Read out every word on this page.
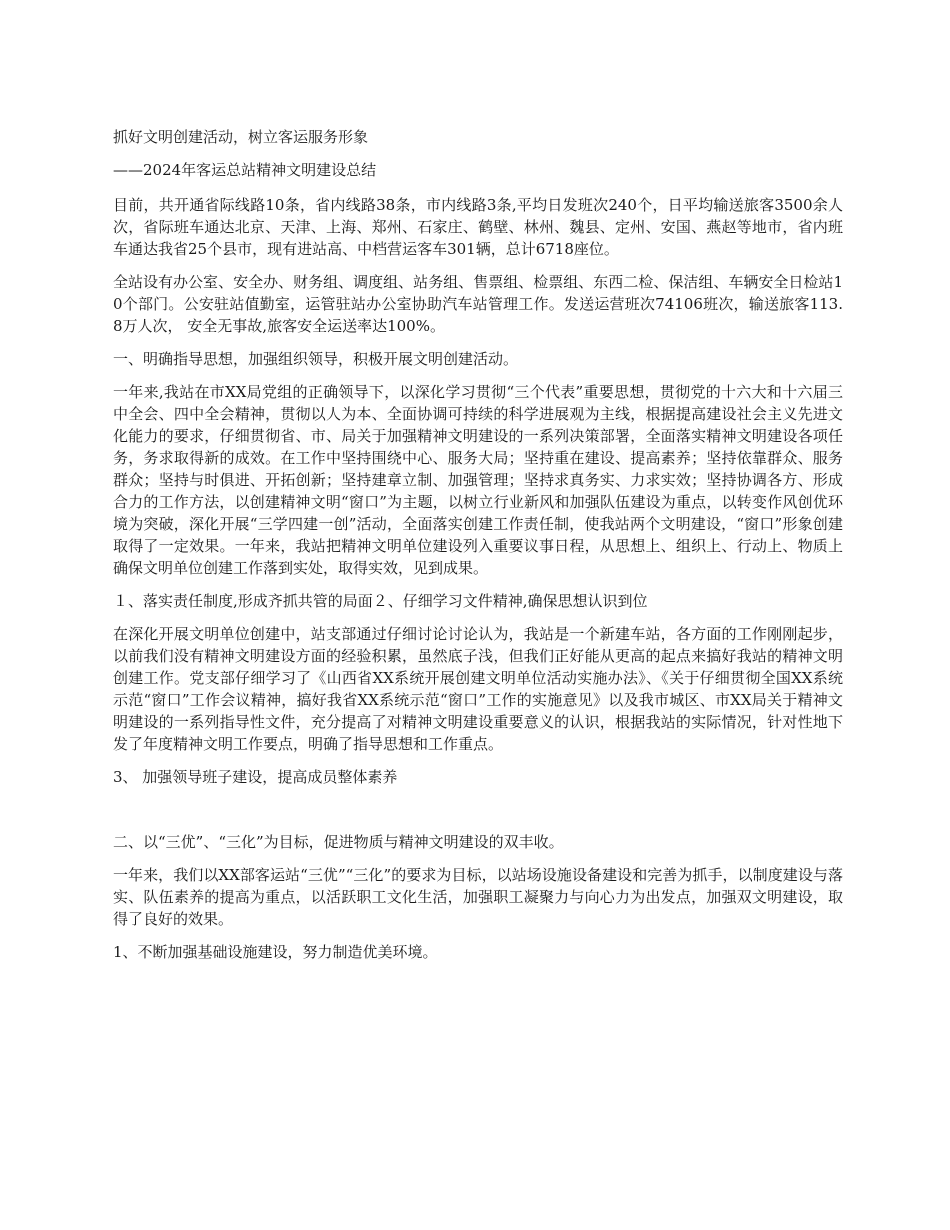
抓好文明创建活动，树立客运服务形象

——2024年客运总站精神文明建设总结

目前，共开通省际线路10条，省内线路38条，市内线路3条,平均日发班次240个，日平均输送旅客3500余人次，省际班车通达北京、天津、上海、郑州、石家庄、鹤壁、林州、魏县、定州、安国、燕赵等地市，省内班车通达我省25个县市，现有进站高、中档营运客车301辆，总计6718座位。

全站设有办公室、安全办、财务组、调度组、站务组、售票组、检票组、东西二检、保洁组、车辆安全日检站10个部门。公安驻站值勤室，运管驻站办公室协助汽车站管理工作。发送运营班次74106班次，输送旅客113.8万人次， 安全无事故,旅客安全运送率达100%。

一、明确指导思想，加强组织领导，积极开展文明创建活动。

一年来,我站在市XX局党组的正确领导下，以深化学习贯彻“三个代表”重要思想，贯彻党的十六大和十六届三中全会、四中全会精神，贯彻以人为本、全面协调可持续的科学进展观为主线，根据提高建设社会主义先进文化能力的要求，仔细贯彻省、市、局关于加强精神文明建设的一系列决策部署，全面落实精神文明建设各项任务，务求取得新的成效。在工作中坚持围绕中心、服务大局；坚持重在建设、提高素养；坚持依靠群众、服务群众；坚持与时俱进、开拓创新；坚持建章立制、加强管理；坚持求真务实、力求实效；坚持协调各方、形成合力的工作方法，以创建精神文明“窗口”为主题，以树立行业新风和加强队伍建设为重点，以转变作风创优环境为突破，深化开展“三学四建一创”活动，全面落实创建工作责任制，使我站两个文明建设，“窗口”形象创建取得了一定效果。一年来，我站把精神文明单位建设列入重要议事日程，从思想上、组织上、行动上、物质上确保文明单位创建工作落到实处，取得实效，见到成果。

１、落实责任制度,形成齐抓共管的局面２、仔细学习文件精神,确保思想认识到位

在深化开展文明单位创建中，站支部通过仔细讨论讨论认为，我站是一个新建车站，各方面的工作刚刚起步，以前我们没有精神文明建设方面的经验积累，虽然底子浅，但我们正好能从更高的起点来搞好我站的精神文明创建工作。党支部仔细学习了《山西省XX系统开展创建文明单位活动实施办法》、《关于仔细贯彻全国XX系统示范“窗口”工作会议精神，搞好我省XX系统示范“窗口”工作的实施意见》以及我市城区、市XX局关于精神文明建设的一系列指导性文件，充分提高了对精神文明建设重要意义的认识，根据我站的实际情况，针对性地下发了年度精神文明工作要点，明确了指导思想和工作重点。

3、 加强领导班子建设，提高成员整体素养

二、以“三优”、“三化”为目标，促进物质与精神文明建设的双丰收。

一年来，我们以XX部客运站“三优”“三化”的要求为目标，以站场设施设备建设和完善为抓手，以制度建设与落实、队伍素养的提高为重点，以活跃职工文化生活，加强职工凝聚力与向心力为出发点，加强双文明建设，取得了良好的效果。

1、不断加强基础设施建设，努力制造优美环境。
